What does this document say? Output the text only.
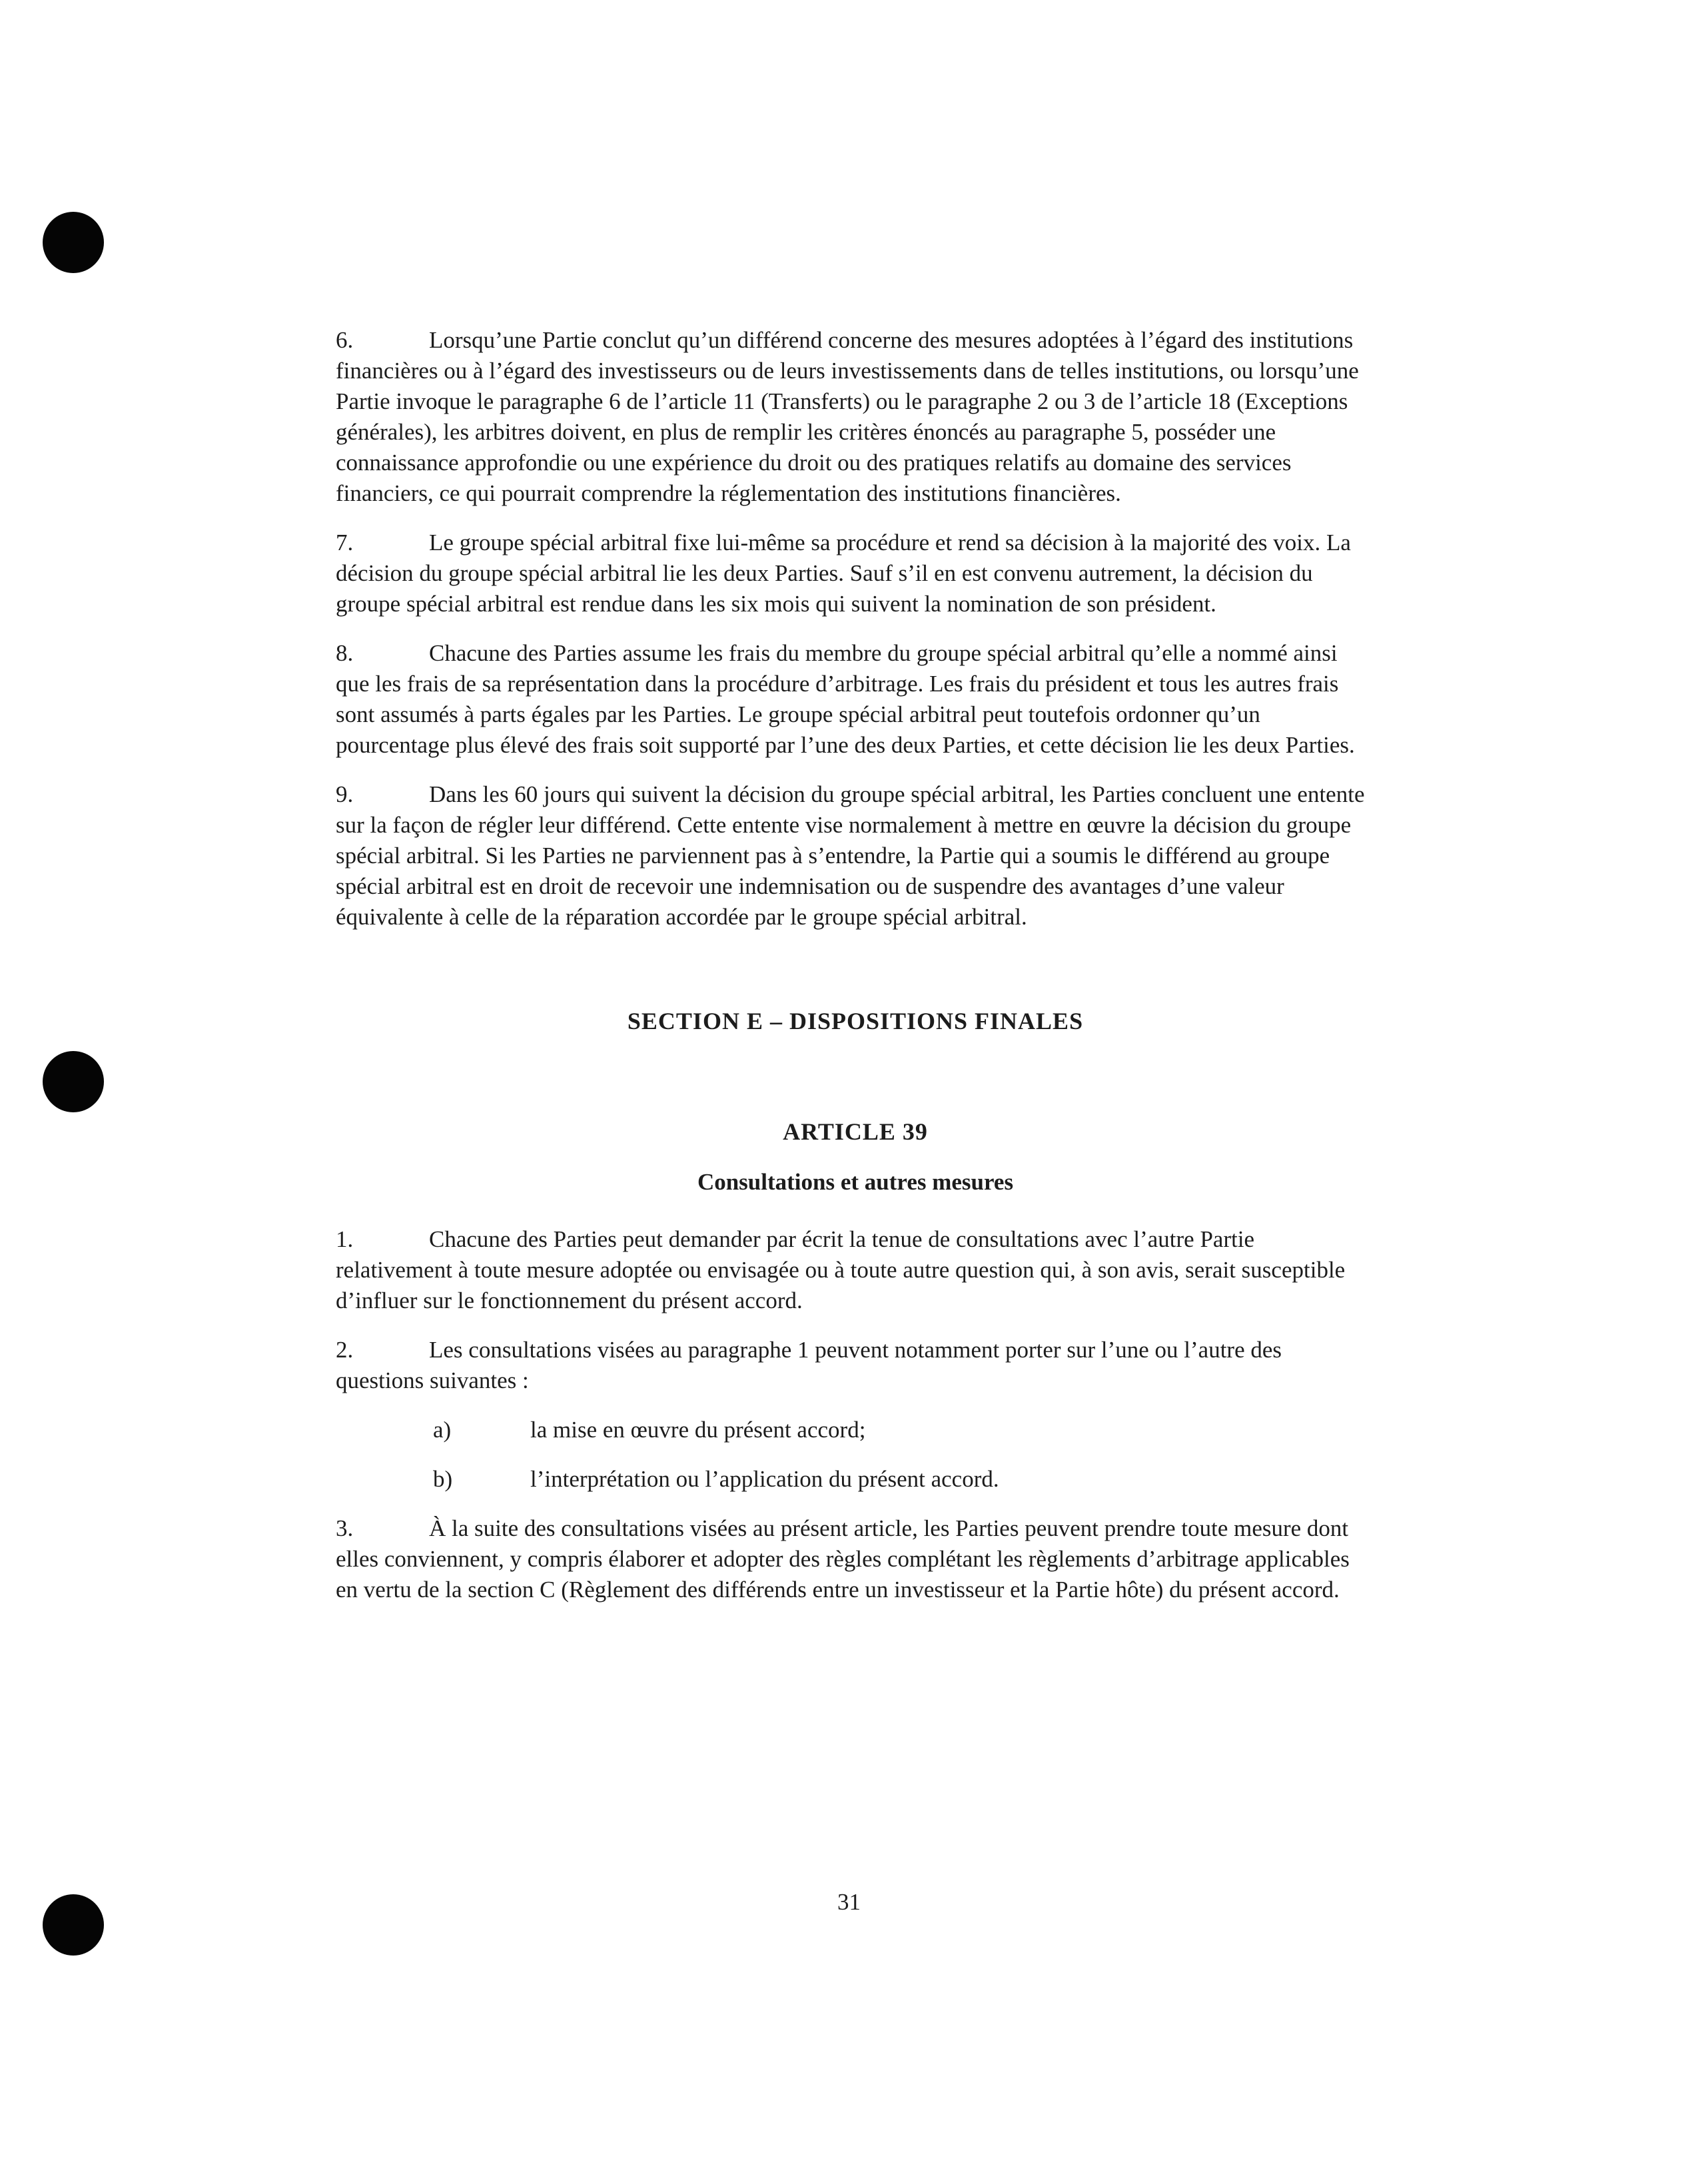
6.	Lorsqu’une Partie conclut qu’un différend concerne des mesures adoptées à l’égard des institutions financières ou à l’égard des investisseurs ou de leurs investissements dans de telles institutions, ou lorsqu’une Partie invoque le paragraphe 6 de l’article 11 (Transferts) ou le paragraphe 2 ou 3 de l’article 18 (Exceptions générales), les arbitres doivent, en plus de remplir les critères énoncés au paragraphe 5, posséder une connaissance approfondie ou une expérience du droit ou des pratiques relatifs au domaine des services financiers, ce qui pourrait comprendre la réglementation des institutions financières.

7.	Le groupe spécial arbitral fixe lui-même sa procédure et rend sa décision à la majorité des voix. La décision du groupe spécial arbitral lie les deux Parties. Sauf s’il en est convenu autrement, la décision du groupe spécial arbitral est rendue dans les six mois qui suivent la nomination de son président.

8.	Chacune des Parties assume les frais du membre du groupe spécial arbitral qu’elle a nommé ainsi que les frais de sa représentation dans la procédure d’arbitrage. Les frais du président et tous les autres frais sont assumés à parts égales par les Parties. Le groupe spécial arbitral peut toutefois ordonner qu’un pourcentage plus élevé des frais soit supporté par l’une des deux Parties, et cette décision lie les deux Parties.

9.	Dans les 60 jours qui suivent la décision du groupe spécial arbitral, les Parties concluent une entente sur la façon de régler leur différend. Cette entente vise normalement à mettre en œuvre la décision du groupe spécial arbitral. Si les Parties ne parviennent pas à s’entendre, la Partie qui a soumis le différend au groupe spécial arbitral est en droit de recevoir une indemnisation ou de suspendre des avantages d’une valeur équivalente à celle de la réparation accordée par le groupe spécial arbitral.

SECTION E – DISPOSITIONS FINALES
ARTICLE 39
Consultations et autres mesures

1.	Chacune des Parties peut demander par écrit la tenue de consultations avec l’autre Partie relativement à toute mesure adoptée ou envisagée ou à toute autre question qui, à son avis, serait susceptible d’influer sur le fonctionnement du présent accord.

2.	Les consultations visées au paragraphe 1 peuvent notamment porter sur l’une ou l’autre des questions suivantes :

a)	la mise en œuvre du présent accord;

b)	l’interprétation ou l’application du présent accord.

3.	À la suite des consultations visées au présent article, les Parties peuvent prendre toute mesure dont elles conviennent, y compris élaborer et adopter des règles complétant les règlements d’arbitrage applicables en vertu de la section C (Règlement des différends entre un investisseur et la Partie hôte) du présent accord.

31
